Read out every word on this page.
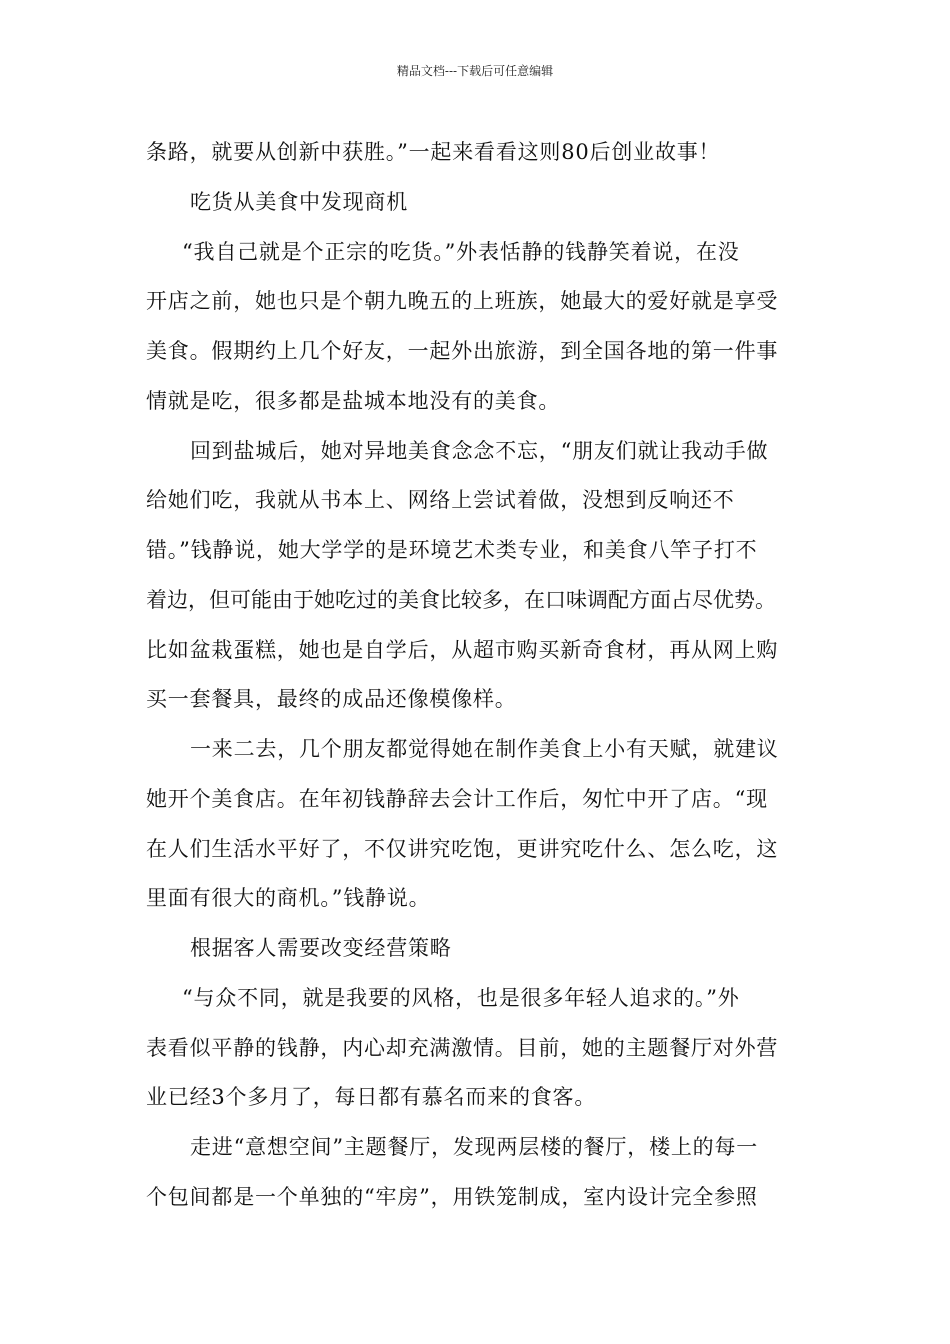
精品文档---下载后可任意编辑
条路，就要从创新中获胜。”一起来看看这则80后创业故事！
吃货从美食中发现商机
“我自己就是个正宗的吃货。”外表恬静的钱静笑着说，在没
开店之前，她也只是个朝九晚五的上班族，她最大的爱好就是享受
美食。假期约上几个好友，一起外出旅游，到全国各地的第一件事
情就是吃，很多都是盐城本地没有的美食。
回到盐城后，她对异地美食念念不忘，“朋友们就让我动手做
给她们吃，我就从书本上、网络上尝试着做，没想到反响还不
错。”钱静说，她大学学的是环境艺术类专业，和美食八竿子打不
着边，但可能由于她吃过的美食比较多，在口味调配方面占尽优势。
比如盆栽蛋糕，她也是自学后，从超市购买新奇食材，再从网上购
买一套餐具，最终的成品还像模像样。
一来二去，几个朋友都觉得她在制作美食上小有天赋，就建议
她开个美食店。在年初钱静辞去会计工作后，匆忙中开了店。“现
在人们生活水平好了，不仅讲究吃饱，更讲究吃什么、怎么吃，这
里面有很大的商机。”钱静说。
根据客人需要改变经营策略
“与众不同，就是我要的风格，也是很多年轻人追求的。”外
表看似平静的钱静，内心却充满激情。目前，她的主题餐厅对外营
业已经3个多月了，每日都有慕名而来的食客。
走进“意想空间”主题餐厅，发现两层楼的餐厅，楼上的每一
个包间都是一个单独的“牢房”，用铁笼制成，室内设计完全参照
